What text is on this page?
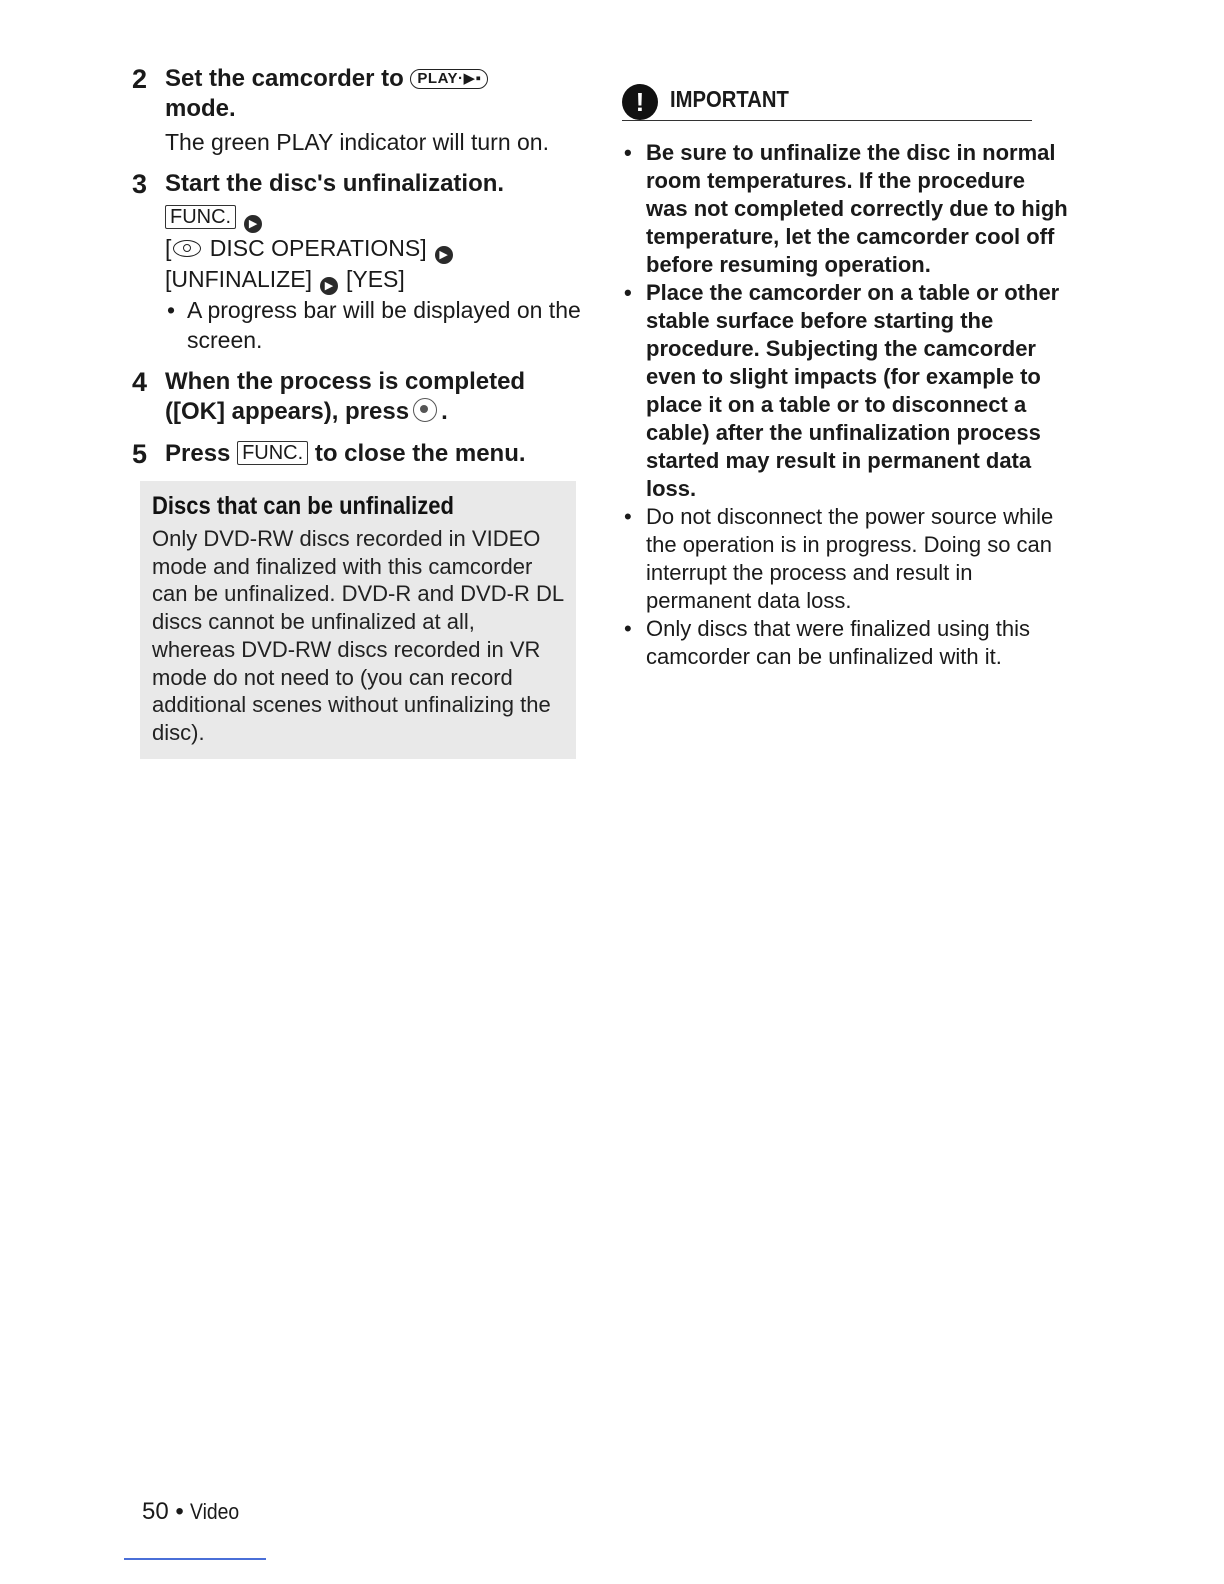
2 Set the camcorder to PLAY·▶▪
mode.
The green PLAY indicator will turn on.
3 Start the disc's unfinalization.
FUNC. ▶
[ DISC OPERATIONS] ▶
[UNFINALIZE] ▶ [YES]
• A progress bar will be displayed on the screen.
4 When the process is completed ([OK] appears), press .
5 Press FUNC. to close the menu.
Discs that can be unfinalized
Only DVD-RW discs recorded in VIDEO mode and finalized with this camcorder can be unfinalized. DVD-R and DVD-R DL discs cannot be unfinalized at all, whereas DVD-RW discs recorded in VR mode do not need to (you can record additional scenes without unfinalizing the disc).
!	IMPORTANT
• Be sure to unfinalize the disc in normal room temperatures. If the procedure was not completed correctly due to high temperature, let the camcorder cool off before resuming operation.
• Place the camcorder on a table or other stable surface before starting the procedure. Subjecting the camcorder even to slight impacts (for example to place it on a table or to disconnect a cable) after the unfinalization process started may result in permanent data loss.
• Do not disconnect the power source while the operation is in progress. Doing so can interrupt the process and result in permanent data loss.
• Only discs that were finalized using this camcorder can be unfinalized with it.
50 • Video
